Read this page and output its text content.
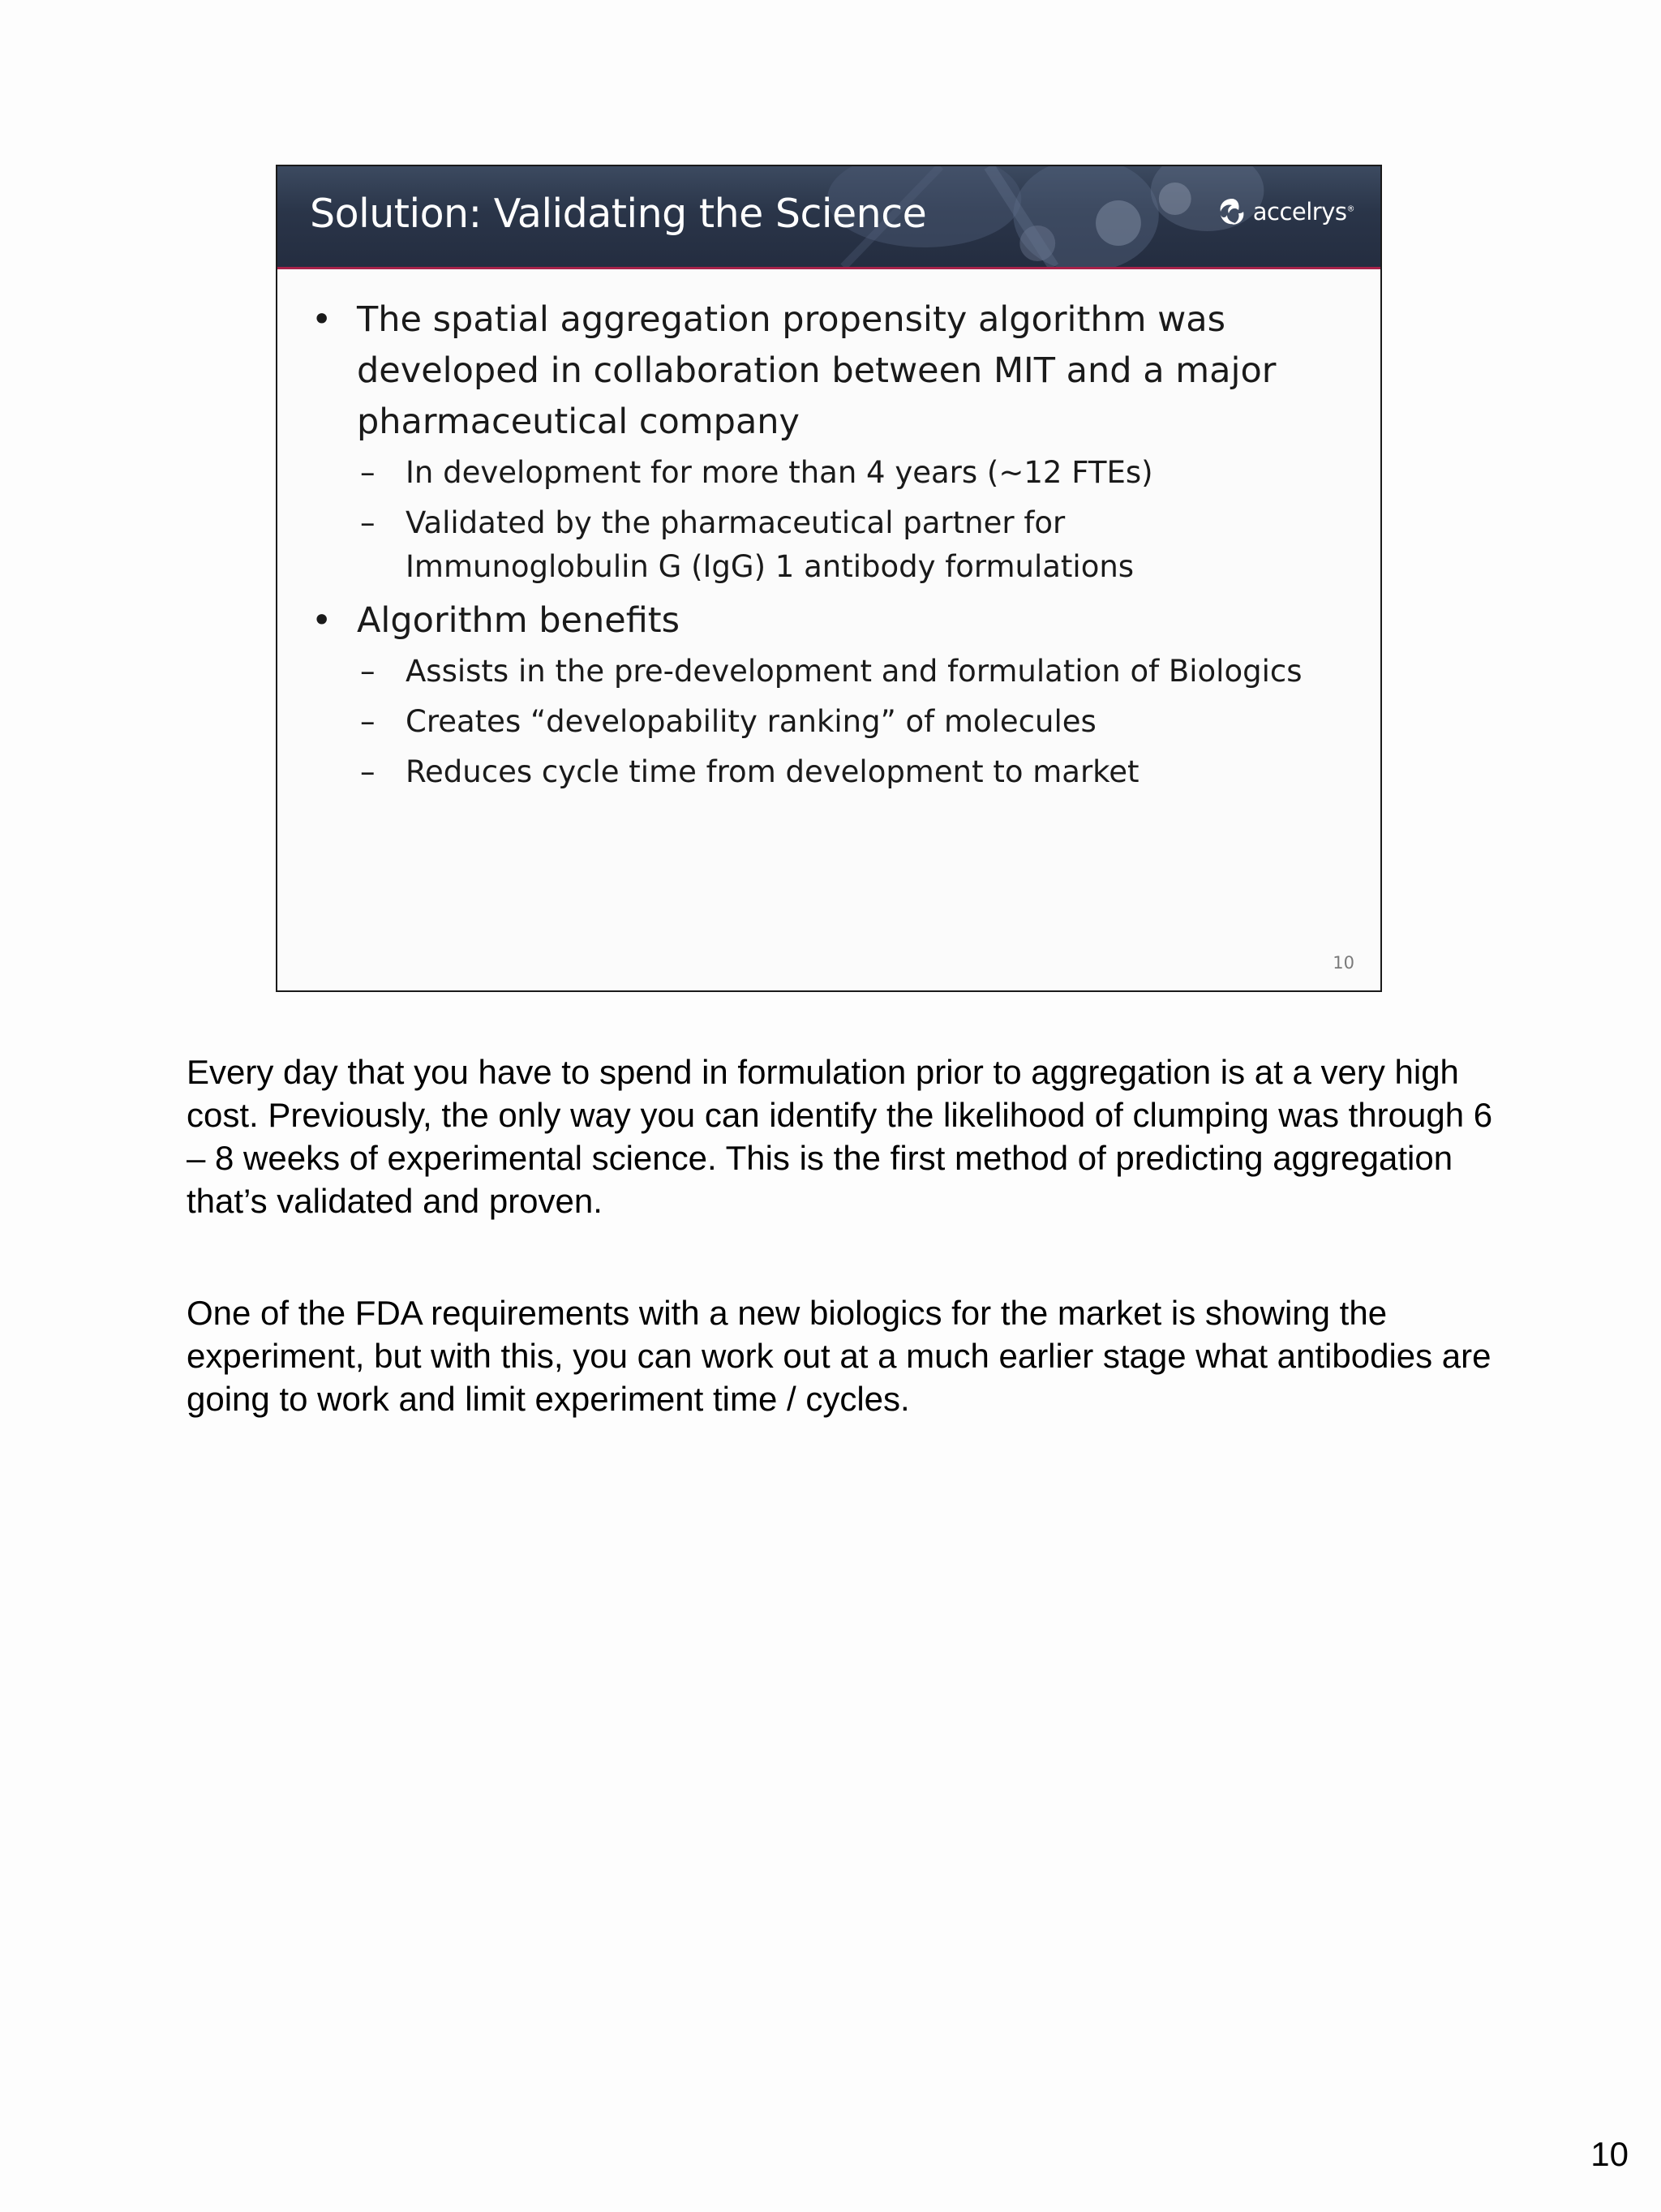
Solution: Validating the Science	accelrys®
• The spatial aggregation propensity algorithm was developed in collaboration between MIT and a major pharmaceutical company
– In development for more than 4 years (~12 FTEs)
– Validated by the pharmaceutical partner for Immunoglobulin G (IgG) 1 antibody formulations
• Algorithm benefits
– Assists in the pre-development and formulation of Biologics
– Creates “developability ranking” of molecules
– Reduces cycle time from development to market
10

Every day that you have to spend in formulation prior to aggregation is at a very high cost. Previously, the only way you can identify the likelihood of clumping was through 6 – 8 weeks of experimental science. This is the first method of predicting aggregation that’s validated and proven.

One of the FDA requirements with a new biologics for the market is showing the experiment, but with this, you can work out at a much earlier stage what antibodies are going to work and limit experiment time / cycles.

10
